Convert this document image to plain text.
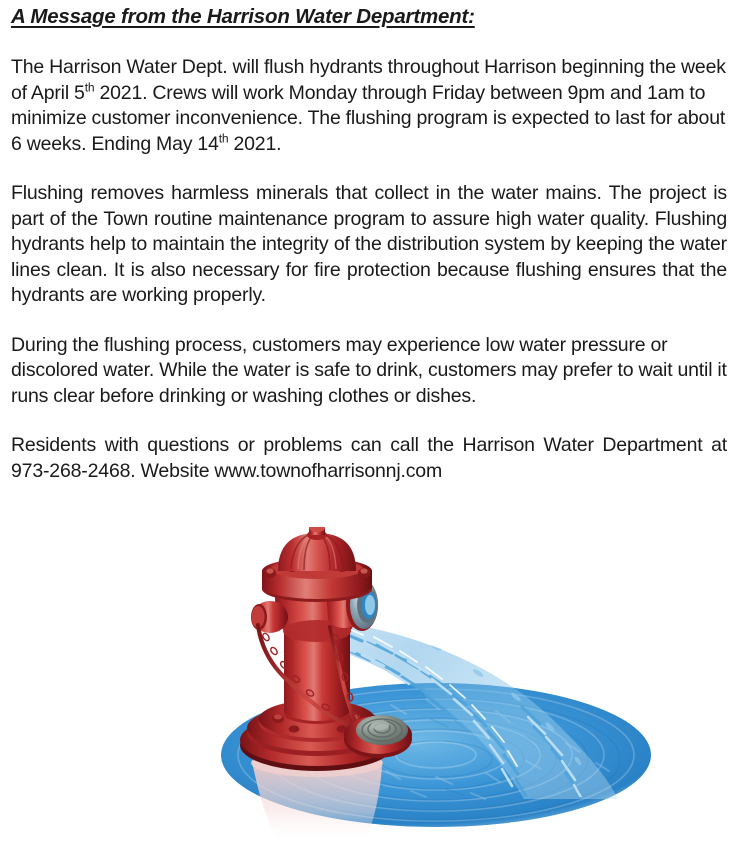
A Message from the Harrison Water Department:

The Harrison Water Dept. will flush hydrants throughout Harrison beginning the week of April 5th 2021. Crews will work Monday through Friday between 9pm and 1am to minimize customer inconvenience. The flushing program is expected to last for about 6 weeks. Ending May 14th 2021.

Flushing removes harmless minerals that collect in the water mains. The project is part of the Town routine maintenance program to assure high water quality. Flushing hydrants help to maintain the integrity of the distribution system by keeping the water lines clean. It is also necessary for fire protection because flushing ensures that the hydrants are working properly.

During the flushing process, customers may experience low water pressure or discolored water. While the water is safe to drink, customers may prefer to wait until it runs clear before drinking or washing clothes or dishes.

Residents with questions or problems can call the Harrison Water Department at 973-268-2468. Website www.townofharrisonnj.com
